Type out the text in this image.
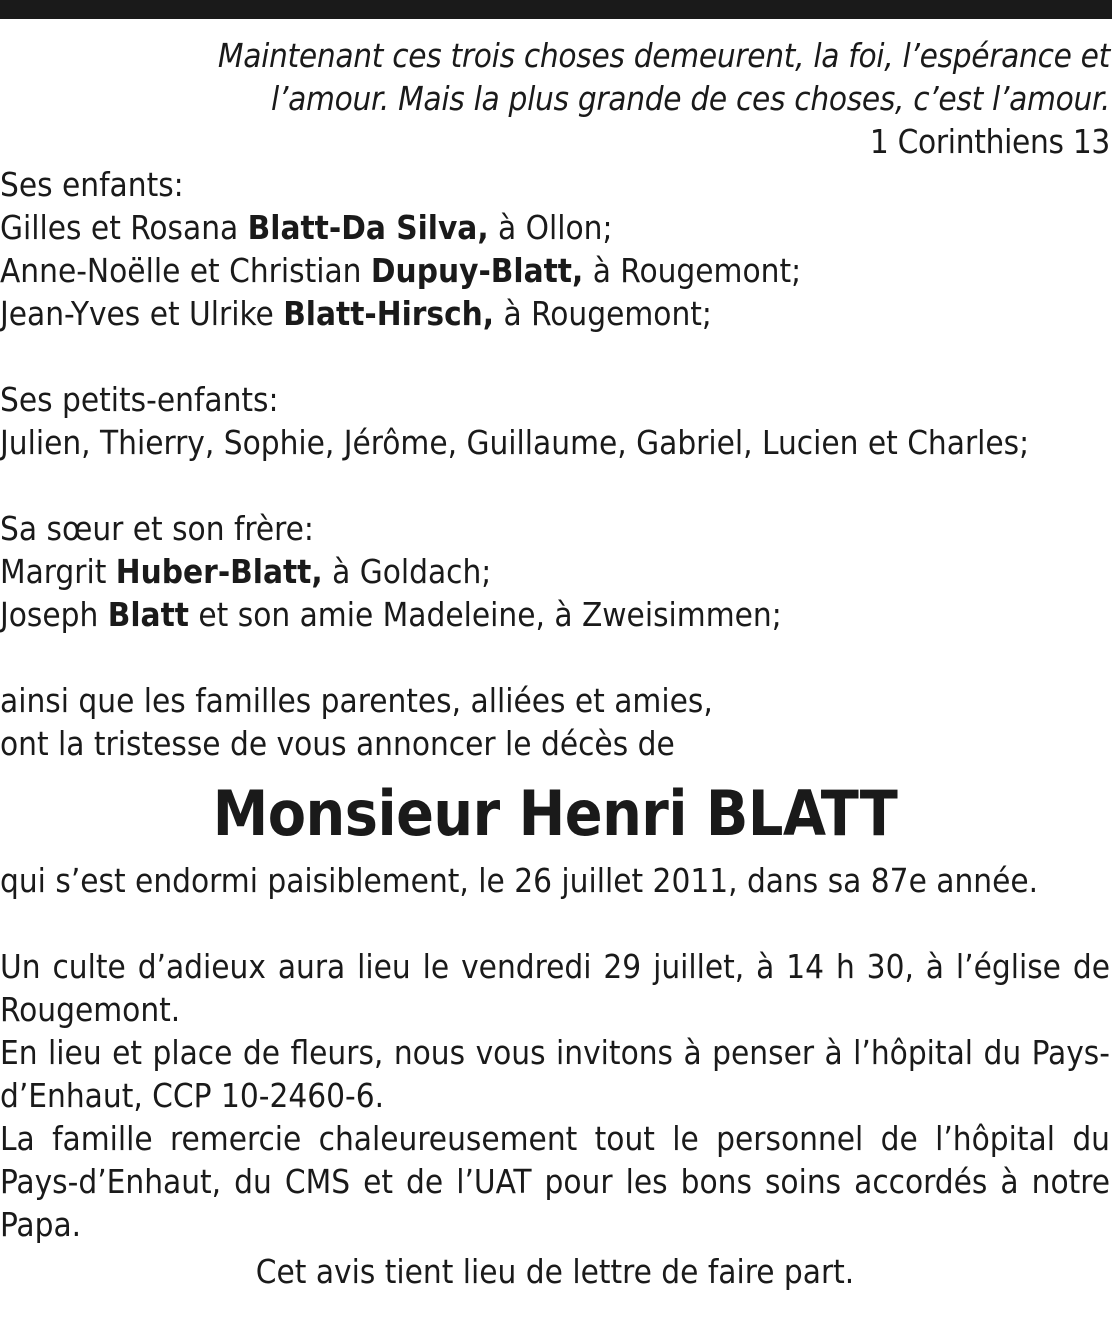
Maintenant ces trois choses demeurent, la foi, l’espérance et
l’amour. Mais la plus grande de ces choses, c’est l’amour.
1 Corinthiens 13
Ses enfants:
Gilles et Rosana Blatt-Da Silva, à Ollon;
Anne-Noëlle et Christian Dupuy-Blatt, à Rougemont;
Jean-Yves et Ulrike Blatt-Hirsch, à Rougemont;
Ses petits-enfants:
Julien, Thierry, Sophie, Jérôme, Guillaume, Gabriel, Lucien et Charles;
Sa sœur et son frère:
Margrit Huber-Blatt, à Goldach;
Joseph Blatt et son amie Madeleine, à Zweisimmen;
ainsi que les familles parentes, alliées et amies,
ont la tristesse de vous annoncer le décès de
Monsieur Henri BLATT
qui s’est endormi paisiblement, le 26 juillet 2011, dans sa 87e année.
Un culte d’adieux aura lieu le vendredi 29 juillet, à 14 h 30, à l’église de Rougemont.
En lieu et place de fleurs, nous vous invitons à penser à l’hôpital du Pays-d’Enhaut, CCP 10-2460-6.
La famille remercie chaleureusement tout le personnel de l’hôpital du Pays-d’Enhaut, du CMS et de l’UAT pour les bons soins accordés à notre Papa.
Cet avis tient lieu de lettre de faire part.
